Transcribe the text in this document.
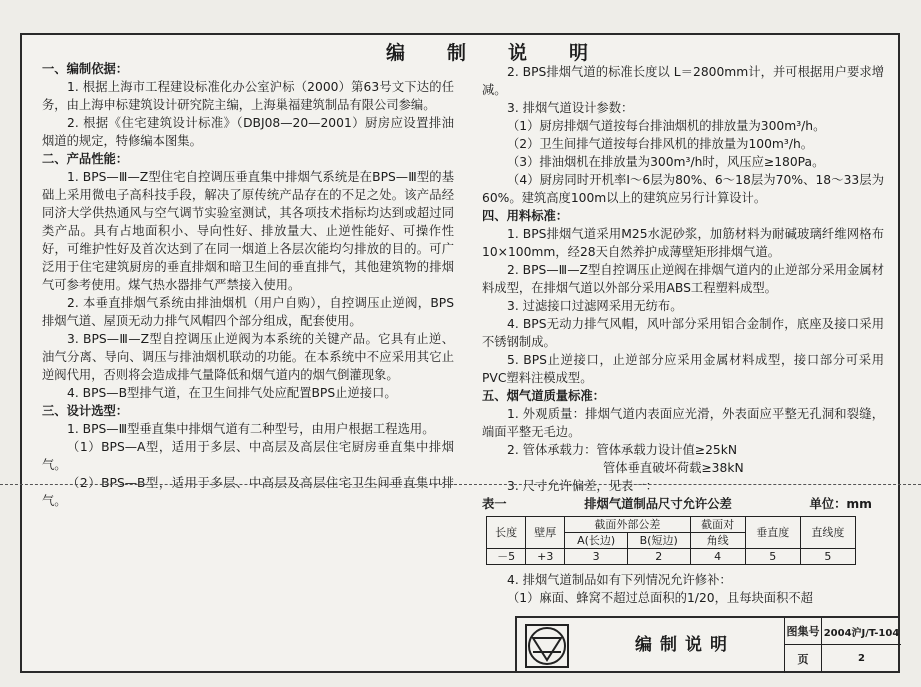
编制说明

一、编制依据：

1. 根据上海市工程建设标准化办公室沪标（2000）第63号文下达的任务，由上海申标建筑设计研究院主编，上海巢福建筑制品有限公司参编。

2. 根据《住宅建筑设计标准》（DBJ08—20—2001）厨房应设置排油烟道的规定，特修编本图集。

二、产品性能：

1. BPS—Ⅲ—Z型住宅自控调压垂直集中排烟气系统是在BPS—Ⅲ型的基础上采用微电子高科技手段，解决了原传统产品存在的不足之处。该产品经同济大学供热通风与空气调节实验室测试，其各项技术指标均达到或超过同类产品。具有占地面积小、导向性好、排放量大、止逆性能好、可操作性好，可维护性好及首次达到了在同一烟道上各层次能均匀排放的目的。可广泛用于住宅建筑厨房的垂直排烟和暗卫生间的垂直排气，其他建筑物的排烟气可参考使用。煤气热水器排气严禁接入使用。

2. 本垂直排烟气系统由排油烟机（用户自购），自控调压止逆阀，BPS排烟气道、屋顶无动力排气风帽四个部分组成，配套使用。

3. BPS—Ⅲ—Z型自控调压止逆阀为本系统的关键产品。它具有止逆、油气分离、导向、调压与排油烟机联动的功能。在本系统中不应采用其它止逆阀代用，否则将会造成排气量降低和烟气道内的烟气倒灌现象。

4. BPS—B型排气道，在卫生间排气处应配置BPS止逆接口。

三、设计选型：

1. BPS—Ⅲ型垂直集中排烟气道有二种型号，由用户根据工程选用。

（1）BPS—A型，适用于多层、中高层及高层住宅厨房垂直集中排烟气。

（2）BPS—B型，适用于多层、中高层及高层住宅卫生间垂直集中排气。

2. BPS排烟气道的标准长度以 L＝2800mm计，并可根据用户要求增减。

3. 排烟气道设计参数：

（1）厨房排烟气道按每台排油烟机的排放量为300m³/h。

（2）卫生间排气道按每台排风机的排放量为100m³/h。

（3）排油烟机在排放量为300m³/h时，风压应≥180Pa。

（4）厨房同时开机率Ⅰ～6层为80%、6～18层为70%、18～33层为60%。建筑高度100m以上的建筑应另行计算设计。

四、用料标准：

1. BPS排烟气道采用M25水泥砂浆，加筋材料为耐碱玻璃纤维网格布10×100mm，经28天自然养护成薄壁矩形排烟气道。

2. BPS—Ⅲ—Z型自控调压止逆阀在排烟气道内的止逆部分采用金属材料成型，在排烟气道以外部分采用ABS工程塑料成型。

3. 过滤接口过滤网采用无纺布。

4. BPS无动力排气风帽，风叶部分采用铝合金制作，底座及接口采用不锈钢制成。

5. BPS止逆接口，止逆部分应采用金属材料成型，接口部分可采用PVC塑料注模成型。

五、烟气道质量标准：

1. 外观质量：排烟气道内表面应光滑，外表面应平整无孔洞和裂缝，端面平整无毛边。

2. 管体承载力：管体承载力设计值≥25kN

管体垂直破坏荷载≥38kN

3. 尺寸允许偏差，见表一：

表一	排烟气道制品尺寸允许公差	单位：mm
长度	壁厚	截面外部公差		截面对	垂直度	直线度
		A(长边)	B(短边)	角线		
－5	+3	3	2	4	5	5

4. 排烟气道制品如有下列情况允许修补：

（1）麻面、蜂窝不超过总面积的1/20，且每块面积不超

编制说明
图集号 2004沪J/T-104
页	2
